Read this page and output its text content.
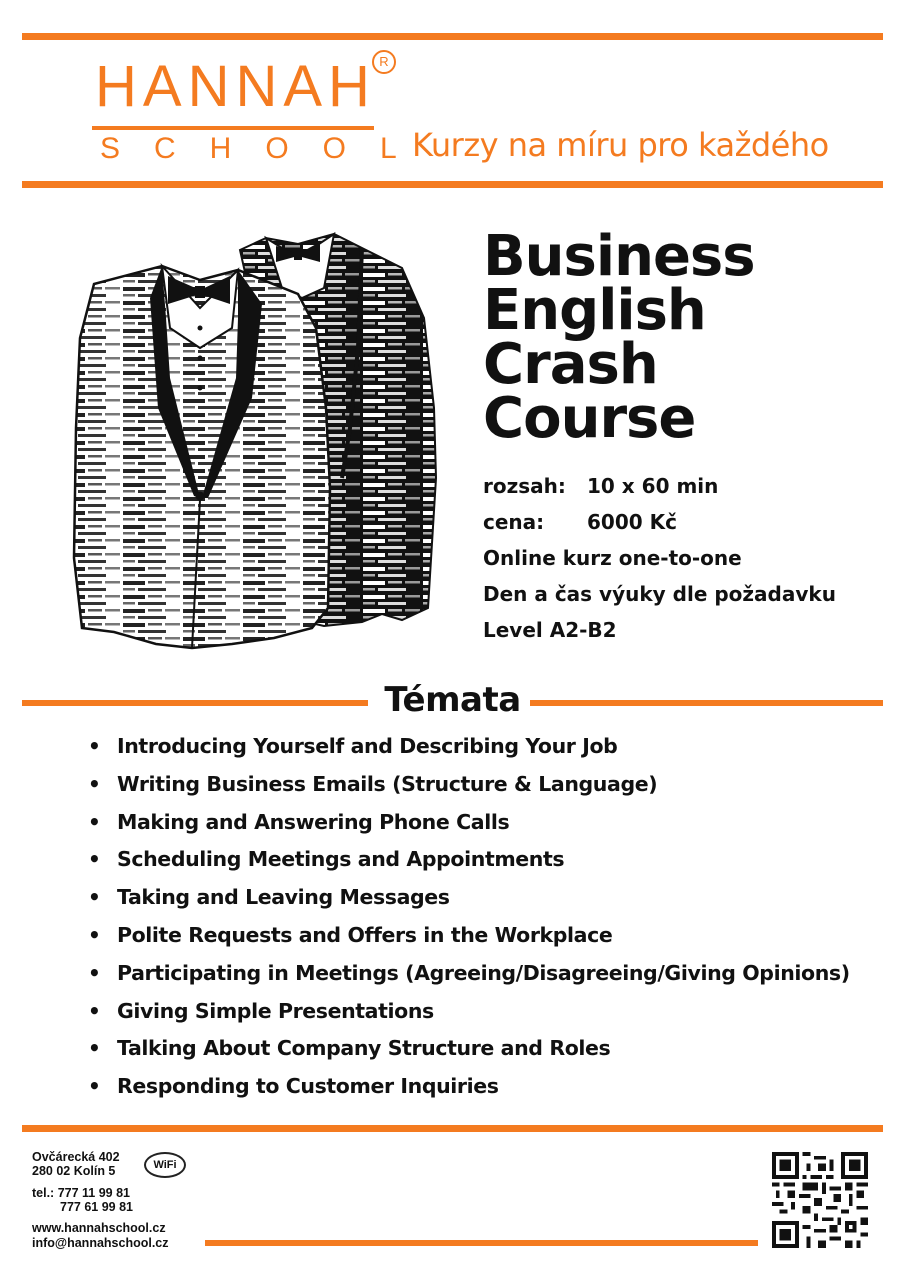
HANNAH
SCHOOL
R
Kurzy na míru pro každého
Business
English
Crash
Course
rozsah: 10 x 60 min
cena: 6000 Kč
Online kurz one-to-one
Den a čas výuky dle požadavku
Level A2-B2
Témata
• Introducing Yourself and Describing Your Job
• Writing Business Emails (Structure & Language)
• Making and Answering Phone Calls
• Scheduling Meetings and Appointments
• Taking and Leaving Messages
• Polite Requests and Offers in the Workplace
• Participating in Meetings (Agreeing/Disagreeing/Giving Opinions)
• Giving Simple Presentations
• Talking About Company Structure and Roles
• Responding to Customer Inquiries
Ovčárecká 402
280 02 Kolín 5	WiFi
tel.: 777 11 99 81
777 61 99 81
www.hannahschool.cz
info@hannahschool.cz
